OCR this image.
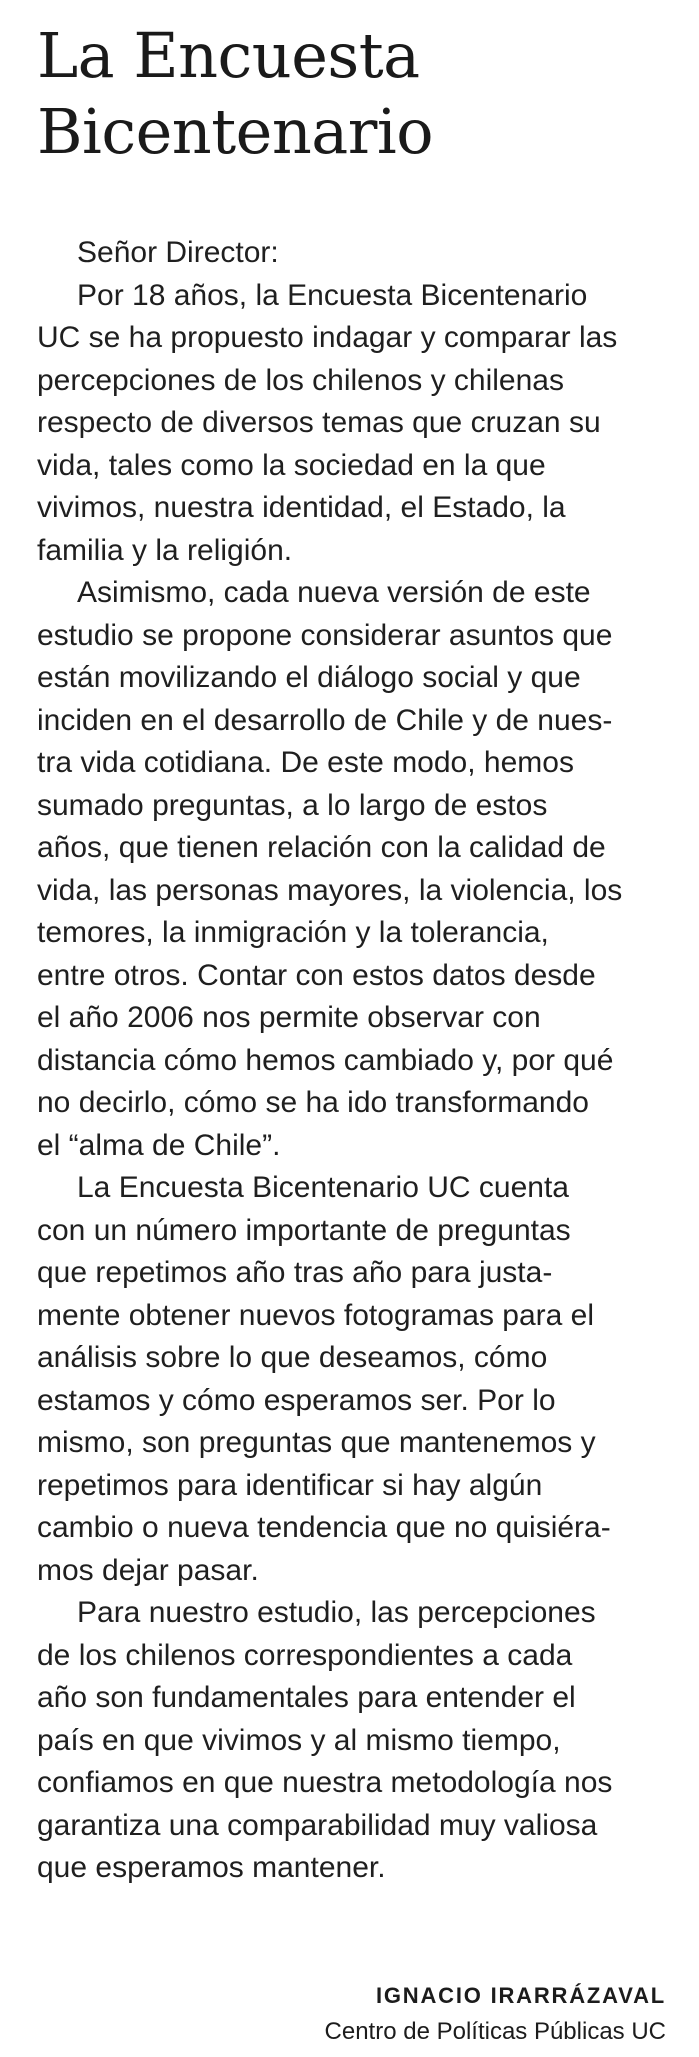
La Encuesta
Bicentenario
Señor Director:
Por 18 años, la Encuesta Bicentenario
UC se ha propuesto indagar y comparar las
percepciones de los chilenos y chilenas
respecto de diversos temas que cruzan su
vida, tales como la sociedad en la que
vivimos, nuestra identidad, el Estado, la
familia y la religión.
Asimismo, cada nueva versión de este
estudio se propone considerar asuntos que
están movilizando el diálogo social y que
inciden en el desarrollo de Chile y de nues-
tra vida cotidiana. De este modo, hemos
sumado preguntas, a lo largo de estos
años, que tienen relación con la calidad de
vida, las personas mayores, la violencia, los
temores, la inmigración y la tolerancia,
entre otros. Contar con estos datos desde
el año 2006 nos permite observar con
distancia cómo hemos cambiado y, por qué
no decirlo, cómo se ha ido transformando
el “alma de Chile”.
La Encuesta Bicentenario UC cuenta
con un número importante de preguntas
que repetimos año tras año para justa-
mente obtener nuevos fotogramas para el
análisis sobre lo que deseamos, cómo
estamos y cómo esperamos ser. Por lo
mismo, son preguntas que mantenemos y
repetimos para identificar si hay algún
cambio o nueva tendencia que no quisiéra-
mos dejar pasar.
Para nuestro estudio, las percepciones
de los chilenos correspondientes a cada
año son fundamentales para entender el
país en que vivimos y al mismo tiempo,
confiamos en que nuestra metodología nos
garantiza una comparabilidad muy valiosa
que esperamos mantener.
IGNACIO IRARRÁZAVAL
Centro de Políticas Públicas UC
